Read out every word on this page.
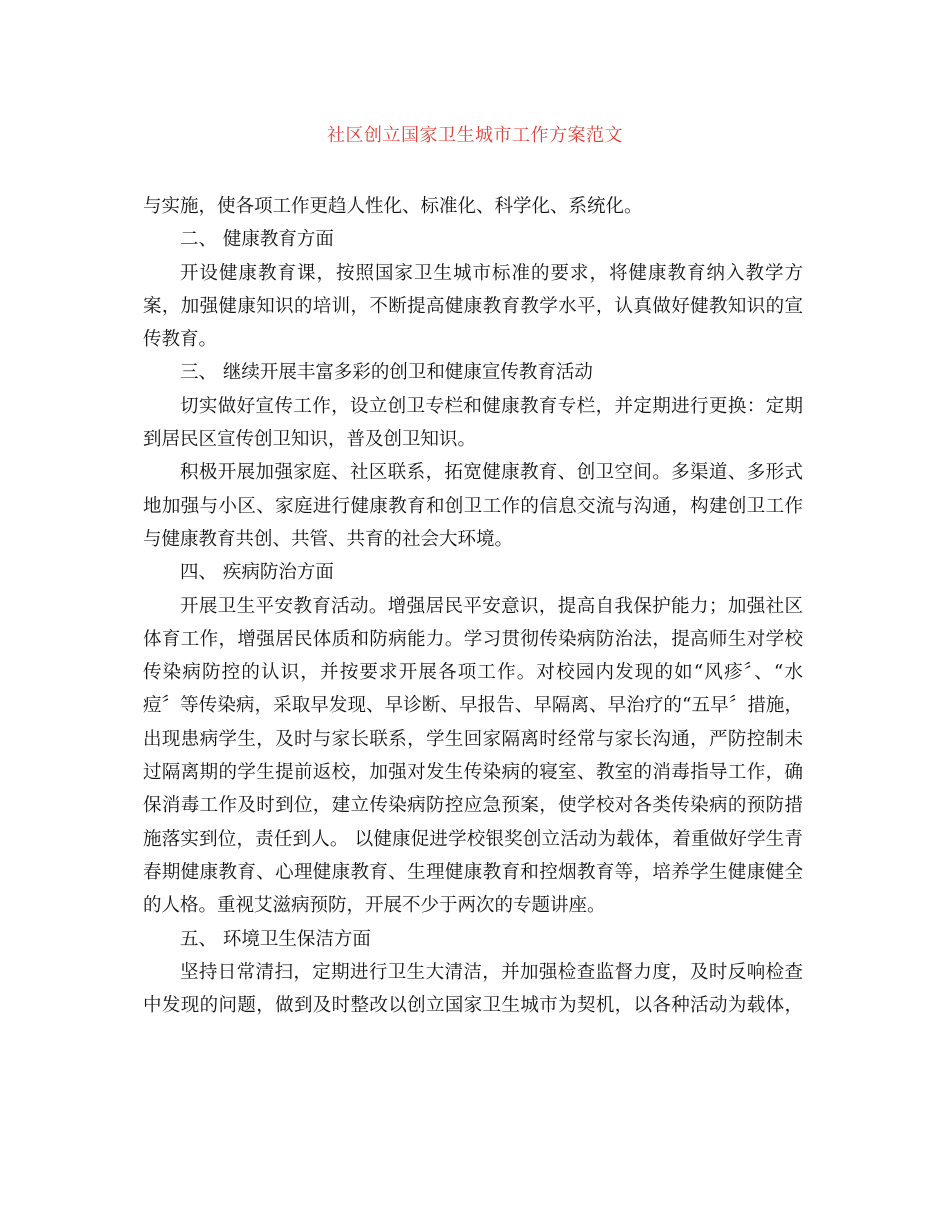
社区创立国家卫生城市工作方案范文
与实施，使各项工作更趋人性化、标准化、科学化、系统化。
二、 健康教育方面
开设健康教育课，按照国家卫生城市标准的要求，将健康教育纳入教学方
案，加强健康知识的培训，不断提高健康教育教学水平，认真做好健教知识的宣
传教育。
三、 继续开展丰富多彩的创卫和健康宣传教育活动
切实做好宣传工作，设立创卫专栏和健康教育专栏，并定期进行更换：定期
到居民区宣传创卫知识，普及创卫知识。
积极开展加强家庭、社区联系，拓宽健康教育、创卫空间。多渠道、多形式
地加强与小区、家庭进行健康教育和创卫工作的信息交流与沟通，构建创卫工作
与健康教育共创、共管、共育的社会大环境。
四、 疾病防治方面
开展卫生平安教育活动。增强居民平安意识，提高自我保护能力；加强社区
体育工作，增强居民体质和防病能力。学习贯彻传染病防治法，提高师生对学校
传染病防控的认识，并按要求开展各项工作。对校园内发现的如“风疹〞、“水
痘〞等传染病，采取早发现、早诊断、早报告、早隔离、早治疗的“五早〞措施，
出现患病学生，及时与家长联系，学生回家隔离时经常与家长沟通，严防控制未
过隔离期的学生提前返校，加强对发生传染病的寝室、教室的消毒指导工作，确
保消毒工作及时到位，建立传染病防控应急预案，使学校对各类传染病的预防措
施落实到位，责任到人。 以健康促进学校银奖创立活动为载体，着重做好学生青
春期健康教育、心理健康教育、生理健康教育和控烟教育等，培养学生健康健全
的人格。重视艾滋病预防，开展不少于两次的专题讲座。
五、 环境卫生保洁方面
坚持日常清扫，定期进行卫生大清洁，并加强检查监督力度，及时反响检查
中发现的问题，做到及时整改以创立国家卫生城市为契机，以各种活动为载体，
